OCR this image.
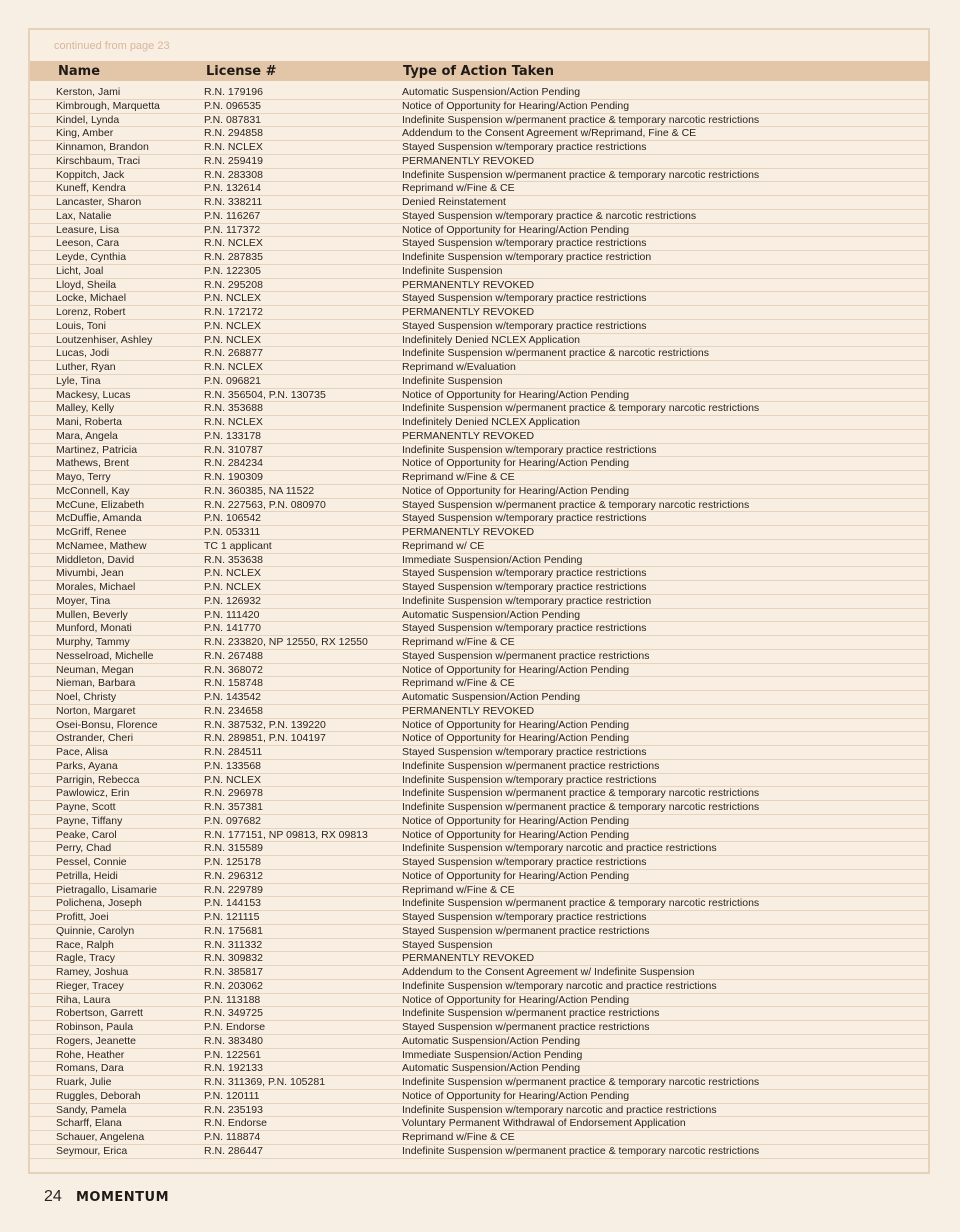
continued from page 23
Name	License #	Type of Action Taken
Kerston, Jami	R.N. 179196	Automatic Suspension/Action Pending
Kimbrough, Marquetta	P.N. 096535	Notice of Opportunity for Hearing/Action Pending
Kindel, Lynda	P.N. 087831	Indefinite Suspension w/permanent practice & temporary narcotic restrictions
King, Amber	R.N. 294858	Addendum to the Consent Agreement w/Reprimand, Fine & CE
Kinnamon, Brandon	R.N. NCLEX	Stayed Suspension w/temporary practice restrictions
Kirschbaum, Traci	R.N. 259419	PERMANENTLY REVOKED
Koppitch, Jack	R.N. 283308	Indefinite Suspension w/permanent practice & temporary narcotic restrictions
Kuneff, Kendra	P.N. 132614	Reprimand w/Fine & CE
Lancaster, Sharon	R.N. 338211	Denied Reinstatement
Lax, Natalie	P.N. 116267	Stayed Suspension w/temporary practice & narcotic restrictions
Leasure, Lisa	P.N. 117372	Notice of Opportunity for Hearing/Action Pending
Leeson, Cara	R.N. NCLEX	Stayed Suspension w/temporary practice restrictions
Leyde, Cynthia	R.N. 287835	Indefinite Suspension w/temporary practice restriction
Licht, Joal	P.N. 122305	Indefinite Suspension
Lloyd, Sheila	R.N. 295208	PERMANENTLY REVOKED
Locke, Michael	P.N. NCLEX	Stayed Suspension w/temporary practice restrictions
Lorenz, Robert	R.N. 172172	PERMANENTLY REVOKED
Louis, Toni	P.N. NCLEX	Stayed Suspension w/temporary practice restrictions
Loutzenhiser, Ashley	P.N. NCLEX	Indefinitely Denied NCLEX Application
Lucas, Jodi	R.N. 268877	Indefinite Suspension w/permanent practice & narcotic restrictions
Luther, Ryan	R.N. NCLEX	Reprimand w/Evaluation
Lyle, Tina	P.N. 096821	Indefinite Suspension
Mackesy, Lucas	R.N. 356504, P.N. 130735	Notice of Opportunity for Hearing/Action Pending
Malley, Kelly	R.N. 353688	Indefinite Suspension w/permanent practice & temporary narcotic restrictions
Mani, Roberta	R.N. NCLEX	Indefinitely Denied NCLEX Application
Mara, Angela	P.N. 133178	PERMANENTLY REVOKED
Martinez, Patricia	R.N. 310787	Indefinite Suspension w/temporary practice restrictions
Mathews, Brent	R.N. 284234	Notice of Opportunity for Hearing/Action Pending
Mayo, Terry	R.N. 190309	Reprimand w/Fine & CE
McConnell, Kay	R.N. 360385, NA 11522	Notice of Opportunity for Hearing/Action Pending
McCune, Elizabeth	R.N. 227563, P.N. 080970	Stayed Suspension w/permanent practice & temporary narcotic restrictions
McDuffie, Amanda	P.N. 106542	Stayed Suspension w/temporary practice restrictions
McGriff, Renee	P.N. 053311	PERMANENTLY REVOKED
McNamee, Mathew	TC 1 applicant	Reprimand w/ CE
Middleton, David	R.N. 353638	Immediate Suspension/Action Pending
Mivumbi, Jean	P.N. NCLEX	Stayed Suspension w/temporary practice restrictions
Morales, Michael	P.N. NCLEX	Stayed Suspension w/temporary practice restrictions
Moyer, Tina	P.N. 126932	Indefinite Suspension w/temporary practice restriction
Mullen, Beverly	P.N. 111420	Automatic Suspension/Action Pending
Munford, Monati	P.N. 141770	Stayed Suspension w/temporary practice restrictions
Murphy, Tammy	R.N. 233820, NP 12550, RX 12550	Reprimand w/Fine & CE
Nesselroad, Michelle	R.N. 267488	Stayed Suspension w/permanent practice restrictions
Neuman, Megan	R.N. 368072	Notice of Opportunity for Hearing/Action Pending
Nieman, Barbara	R.N. 158748	Reprimand w/Fine & CE
Noel, Christy	P.N. 143542	Automatic Suspension/Action Pending
Norton, Margaret	R.N. 234658	PERMANENTLY REVOKED
Osei-Bonsu, Florence	R.N. 387532, P.N. 139220	Notice of Opportunity for Hearing/Action Pending
Ostrander, Cheri	R.N. 289851, P.N. 104197	Notice of Opportunity for Hearing/Action Pending
Pace, Alisa	R.N. 284511	Stayed Suspension w/temporary practice restrictions
Parks, Ayana	P.N. 133568	Indefinite Suspension w/permanent practice restrictions
Parrigin, Rebecca	P.N. NCLEX	Indefinite Suspension w/temporary practice restrictions
Pawlowicz, Erin	R.N. 296978	Indefinite Suspension w/permanent practice & temporary narcotic restrictions
Payne, Scott	R.N. 357381	Indefinite Suspension w/permanent practice & temporary narcotic restrictions
Payne, Tiffany	P.N. 097682	Notice of Opportunity for Hearing/Action Pending
Peake, Carol	R.N. 177151, NP 09813, RX 09813	Notice of Opportunity for Hearing/Action Pending
Perry, Chad	R.N. 315589	Indefinite Suspension w/temporary narcotic and practice restrictions
Pessel, Connie	P.N. 125178	Stayed Suspension w/temporary practice restrictions
Petrilla, Heidi	R.N. 296312	Notice of Opportunity for Hearing/Action Pending
Pietragallo, Lisamarie	R.N. 229789	Reprimand w/Fine & CE
Polichena, Joseph	P.N. 144153	Indefinite Suspension w/permanent practice & temporary narcotic restrictions
Profitt, Joei	P.N. 121115	Stayed Suspension w/temporary practice restrictions
Quinnie, Carolyn	R.N. 175681	Stayed Suspension w/permanent practice restrictions
Race, Ralph	R.N. 311332	Stayed Suspension
Ragle, Tracy	R.N. 309832	PERMANENTLY REVOKED
Ramey, Joshua	R.N. 385817	Addendum to the Consent Agreement w/ Indefinite Suspension
Rieger, Tracey	R.N. 203062	Indefinite Suspension w/temporary narcotic and practice restrictions
Riha, Laura	P.N. 113188	Notice of Opportunity for Hearing/Action Pending
Robertson, Garrett	R.N. 349725	Indefinite Suspension w/permanent practice restrictions
Robinson, Paula	P.N. Endorse	Stayed Suspension w/permanent practice restrictions
Rogers, Jeanette	R.N. 383480	Automatic Suspension/Action Pending
Rohe, Heather	P.N. 122561	Immediate Suspension/Action Pending
Romans, Dara	R.N. 192133	Automatic Suspension/Action Pending
Ruark, Julie	R.N. 311369, P.N. 105281	Indefinite Suspension w/permanent practice & temporary narcotic restrictions
Ruggles, Deborah	P.N. 120111	Notice of Opportunity for Hearing/Action Pending
Sandy, Pamela	R.N. 235193	Indefinite Suspension w/temporary narcotic and practice restrictions
Scharff, Elana	R.N. Endorse	Voluntary Permanent Withdrawal of Endorsement Application
Schauer, Angelena	P.N. 118874	Reprimand w/Fine & CE
Seymour, Erica	R.N. 286447	Indefinite Suspension w/permanent practice & temporary narcotic restrictions
24 MOMENTUM
